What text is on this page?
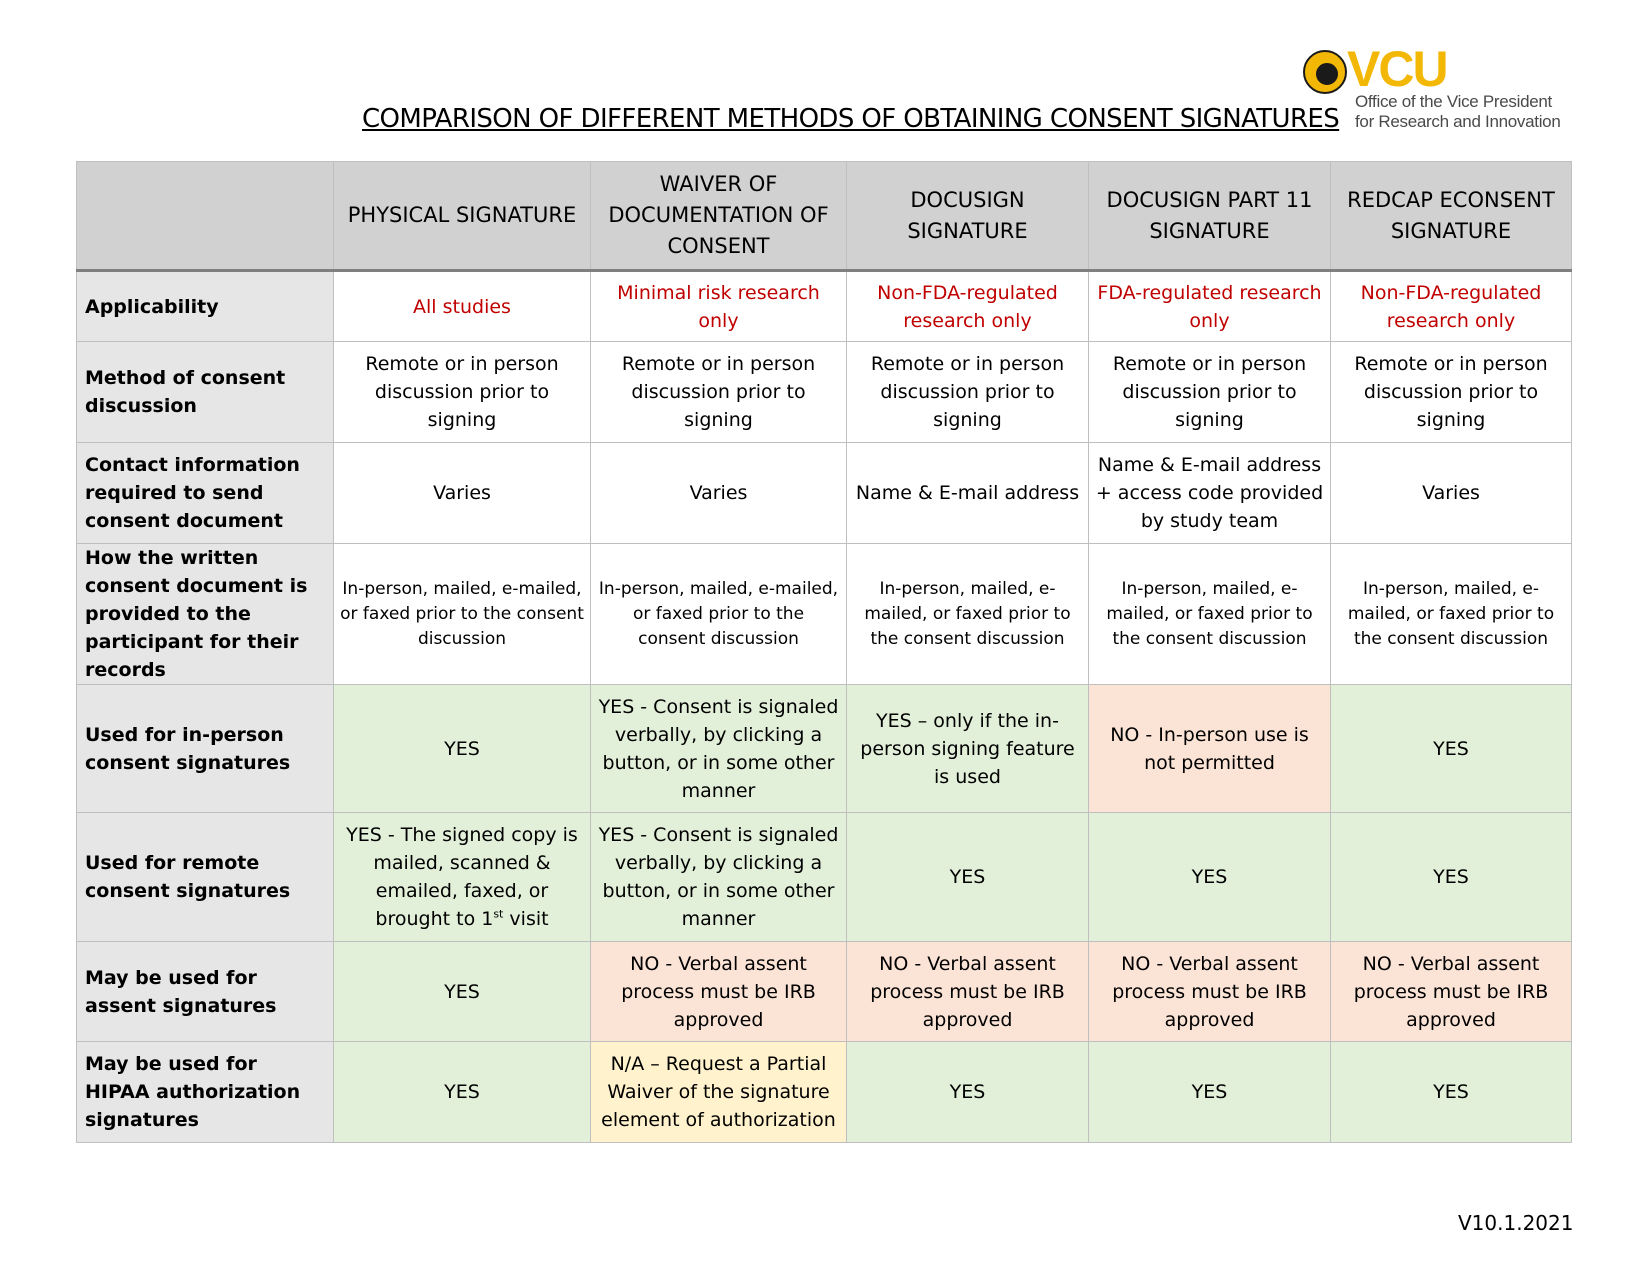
VCU
Office of the Vice President
for Research and Innovation
COMPARISON OF DIFFERENT METHODS OF OBTAINING CONSENT SIGNATURES
	PHYSICAL SIGNATURE	WAIVER OF DOCUMENTATION OF CONSENT	DOCUSIGN SIGNATURE	DOCUSIGN PART 11 SIGNATURE	REDCAP ECONSENT SIGNATURE
Applicability	All studies	Minimal risk research only	Non-FDA-regulated research only	FDA-regulated research only	Non-FDA-regulated research only
Method of consent discussion	Remote or in person discussion prior to signing	Remote or in person discussion prior to signing	Remote or in person discussion prior to signing	Remote or in person discussion prior to signing	Remote or in person discussion prior to signing
Contact information required to send consent document	Varies	Varies	Name & E-mail address	Name & E-mail address + access code provided by study team	Varies
How the written consent document is provided to the participant for their records	In-person, mailed, e-mailed, or faxed prior to the consent discussion	In-person, mailed, e-mailed, or faxed prior to the consent discussion	In-person, mailed, e-mailed, or faxed prior to the consent discussion	In-person, mailed, e-mailed, or faxed prior to the consent discussion	In-person, mailed, e-mailed, or faxed prior to the consent discussion
Used for in-person consent signatures	YES	YES - Consent is signaled verbally, by clicking a button, or in some other manner	YES – only if the in-person signing feature is used	NO - In-person use is not permitted	YES
Used for remote consent signatures	YES - The signed copy is mailed, scanned & emailed, faxed, or brought to 1st visit	YES - Consent is signaled verbally, by clicking a button, or in some other manner	YES	YES	YES
May be used for assent signatures	YES	NO - Verbal assent process must be IRB approved	NO - Verbal assent process must be IRB approved	NO - Verbal assent process must be IRB approved	NO - Verbal assent process must be IRB approved
May be used for HIPAA authorization signatures	YES	N/A – Request a Partial Waiver of the signature element of authorization	YES	YES	YES
V10.1.2021
